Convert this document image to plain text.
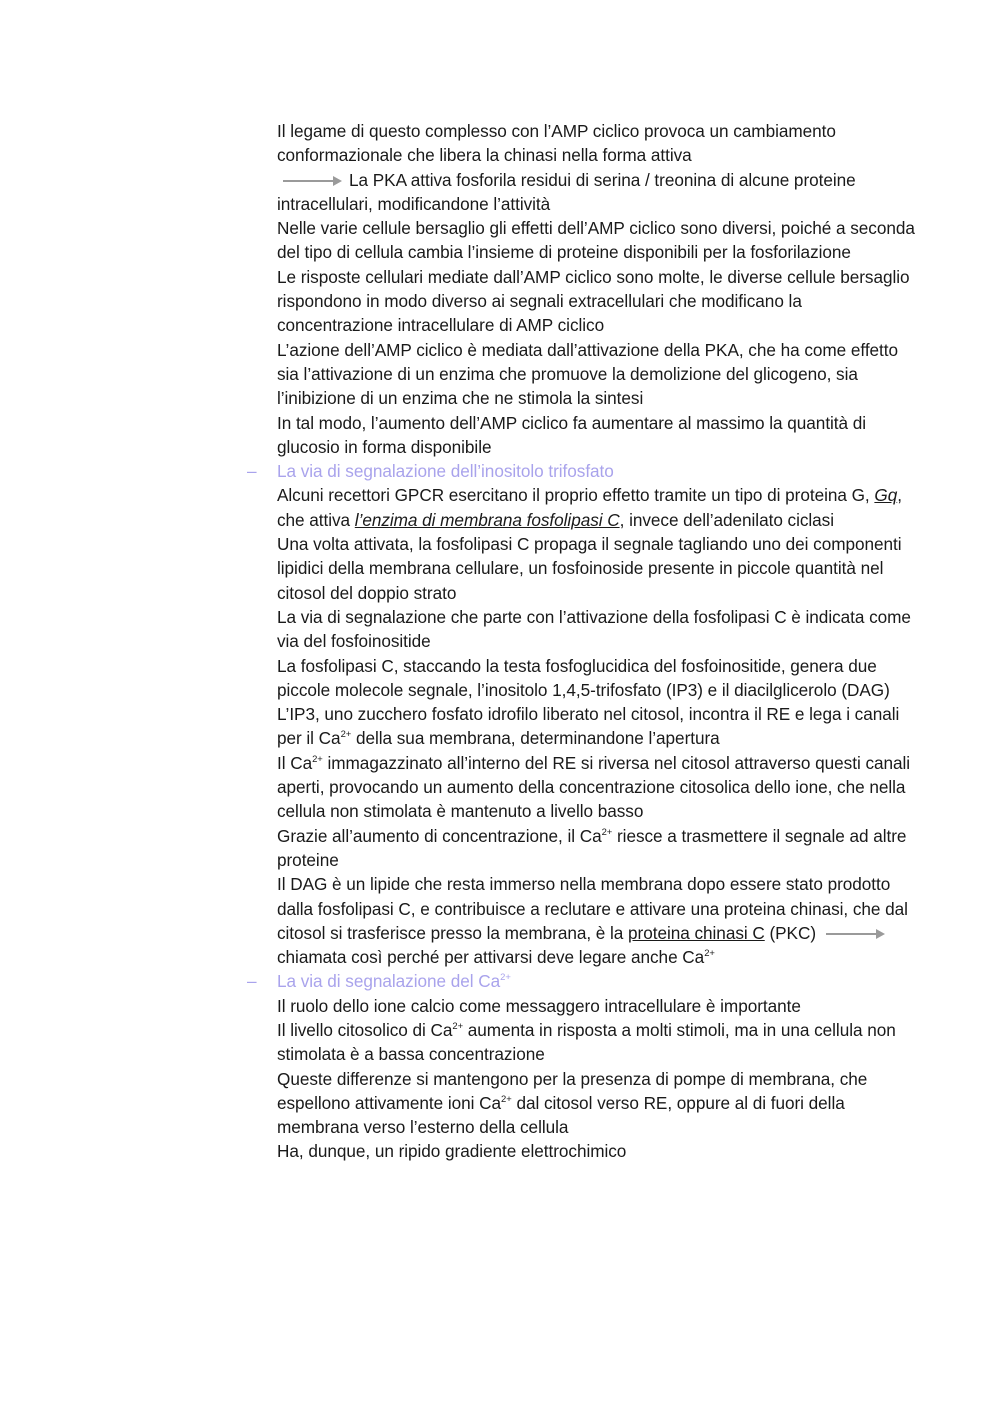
Il legame di questo complesso con l’AMP ciclico provoca un cambiamento conformazionale che libera la chinasi nella forma attiva

La PKA attiva fosforila residui di serina / treonina di alcune proteine intracellulari, modificandone l’attività

Nelle varie cellule bersaglio gli effetti dell’AMP ciclico sono diversi, poiché a seconda del tipo di cellula cambia l’insieme di proteine disponibili per la fosforilazione

Le risposte cellulari mediate dall’AMP ciclico sono molte, le diverse cellule bersaglio rispondono in modo diverso ai segnali extracellulari che modificano la concentrazione intracellulare di AMP ciclico

L’azione dell’AMP ciclico è mediata dall’attivazione della PKA, che ha come effetto sia l’attivazione di un enzima che promuove la demolizione del glicogeno, sia l’inibizione di un enzima che ne stimola la sintesi

In tal modo, l’aumento dell’AMP ciclico fa aumentare al massimo la quantità di glucosio in forma disponibile

– La via di segnalazione dell’inositolo trifosfato

Alcuni recettori GPCR esercitano il proprio effetto tramite un tipo di proteina G, Gq, che attiva l’enzima di membrana fosfolipasi C, invece dell’adenilato ciclasi

Una volta attivata, la fosfolipasi C propaga il segnale tagliando uno dei componenti lipidici della membrana cellulare, un fosfoinoside presente in piccole quantità nel citosol del doppio strato

La via di segnalazione che parte con l’attivazione della fosfolipasi C è indicata come via del fosfoinositide

La fosfolipasi C, staccando la testa fosfoglucidica del fosfoinositide, genera due piccole molecole segnale, l’inositolo 1,4,5-trifosfato (IP3) e il diacilglicerolo (DAG)

L’IP3, uno zucchero fosfato idrofilo liberato nel citosol, incontra il RE e lega i canali per il $Ca^{2+}$ della sua membrana, determinandone l’apertura

Il $Ca^{2+}$ immagazzinato all’interno del RE si riversa nel citosol attraverso questi canali aperti, provocando un aumento della concentrazione citosolica dello ione, che nella cellula non stimolata è mantenuto a livello basso

Grazie all’aumento di concentrazione, il $Ca^{2+}$ riesce a trasmettere il segnale ad altre proteine

Il DAG è un lipide che resta immerso nella membrana dopo essere stato prodotto dalla fosfolipasi C, e contribuisce a reclutare e attivare una proteina chinasi, che dal citosol si trasferisce presso la membrana, è la proteina chinasi C (PKC)
chiamata così perché per attivarsi deve legare anche $Ca^{2+}$

– La via di segnalazione del $Ca^{2+}$

Il ruolo dello ione calcio come messaggero intracellulare è importante

Il livello citosolico di $Ca^{2+}$ aumenta in risposta a molti stimoli, ma in una cellula non stimolata è a bassa concentrazione

Queste differenze si mantengono per la presenza di pompe di membrana, che espellono attivamente ioni $Ca^{2+}$ dal citosol verso RE, oppure al di fuori della membrana verso l’esterno della cellula

Ha, dunque, un ripido gradiente elettrochimico
